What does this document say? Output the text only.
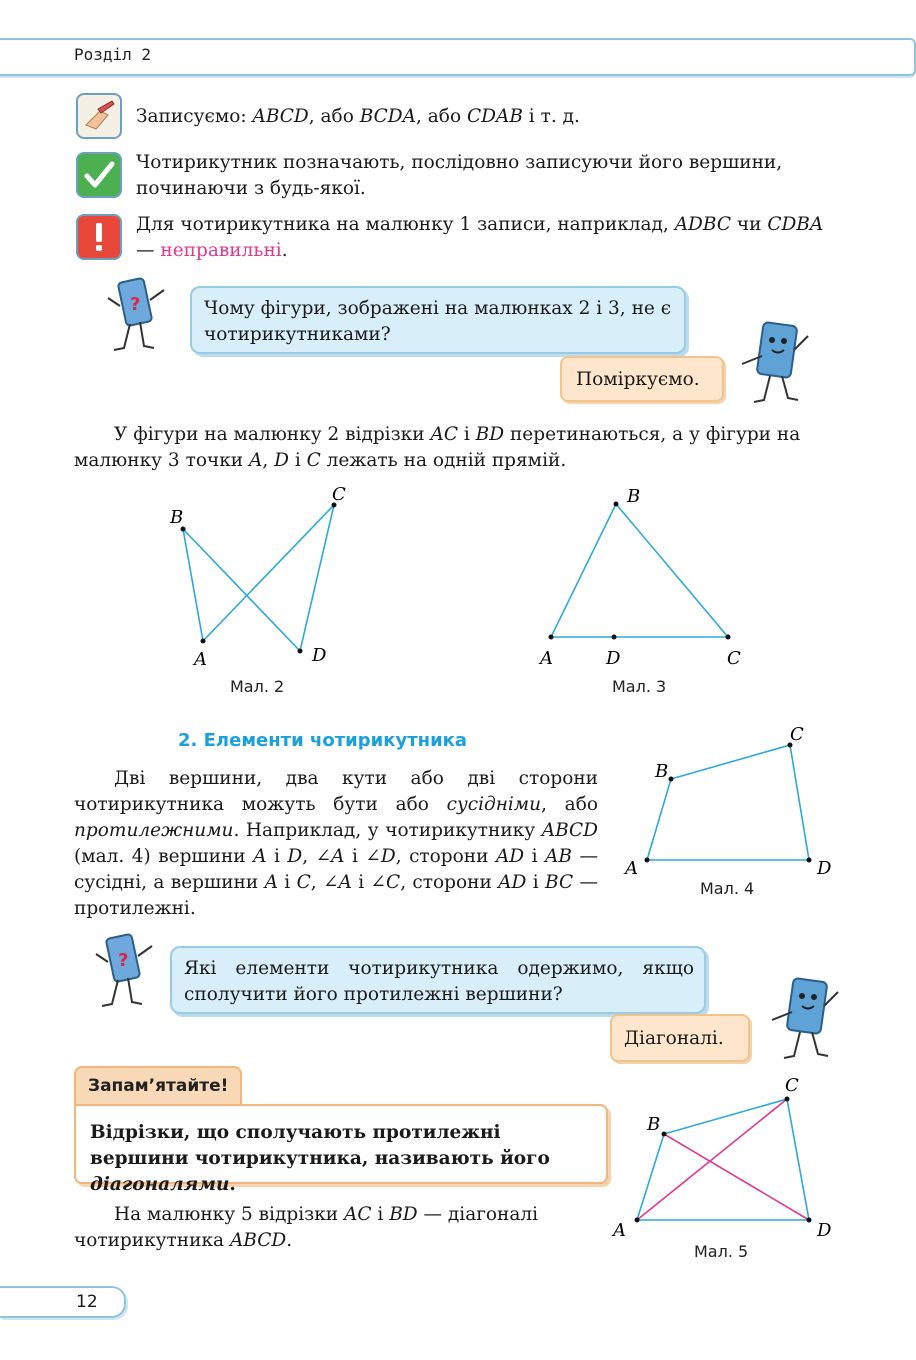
Розділ 2
Записуємо: ABCD, або BCDA, або CDAB і т. д.
Чотирикутник позначають, послідовно записуючи його вершини, починаючи з будь-якої.
Для чотирикутника на малюнку 1 записи, наприклад, ADBC чи CDBA — неправильні.
?	Чому фігури, зображені на малюнках 2 і 3, не є чотирикутниками?
Поміркуємо.
У фігури на малюнку 2 відрізки AC і BD перетинаються, а у фігури на малюнку 3 точки A, D і C лежать на одній прямій.
B
A
C
D
Мал. 2
B
A	D	C
Мал. 3
2. Елементи чотирикутника
Дві вершини, два кути або дві сторони чотирикутника можуть бути або сусідніми, або протилежними. Наприклад, у чотирикутнику ABCD (мал. 4) вершини A і D, ∠A і ∠D, сторони AD і AB — сусідні, а вершини A і C, ∠A і ∠C, сторони AD і BC — протилежні.
A
B
C
D
Мал. 4
?	Які елементи чотирикутника одержимо, якщо сполучити його протилежні вершини?
Діагоналі.
Запам’ятайте!
Відрізки, що сполучають протилежні вершини чотирикутника, називають його діагоналями.
На малюнку 5 відрізки AC і BD — діагоналі чотирикутника ABCD.	A
B
C
D
Мал. 5
12
